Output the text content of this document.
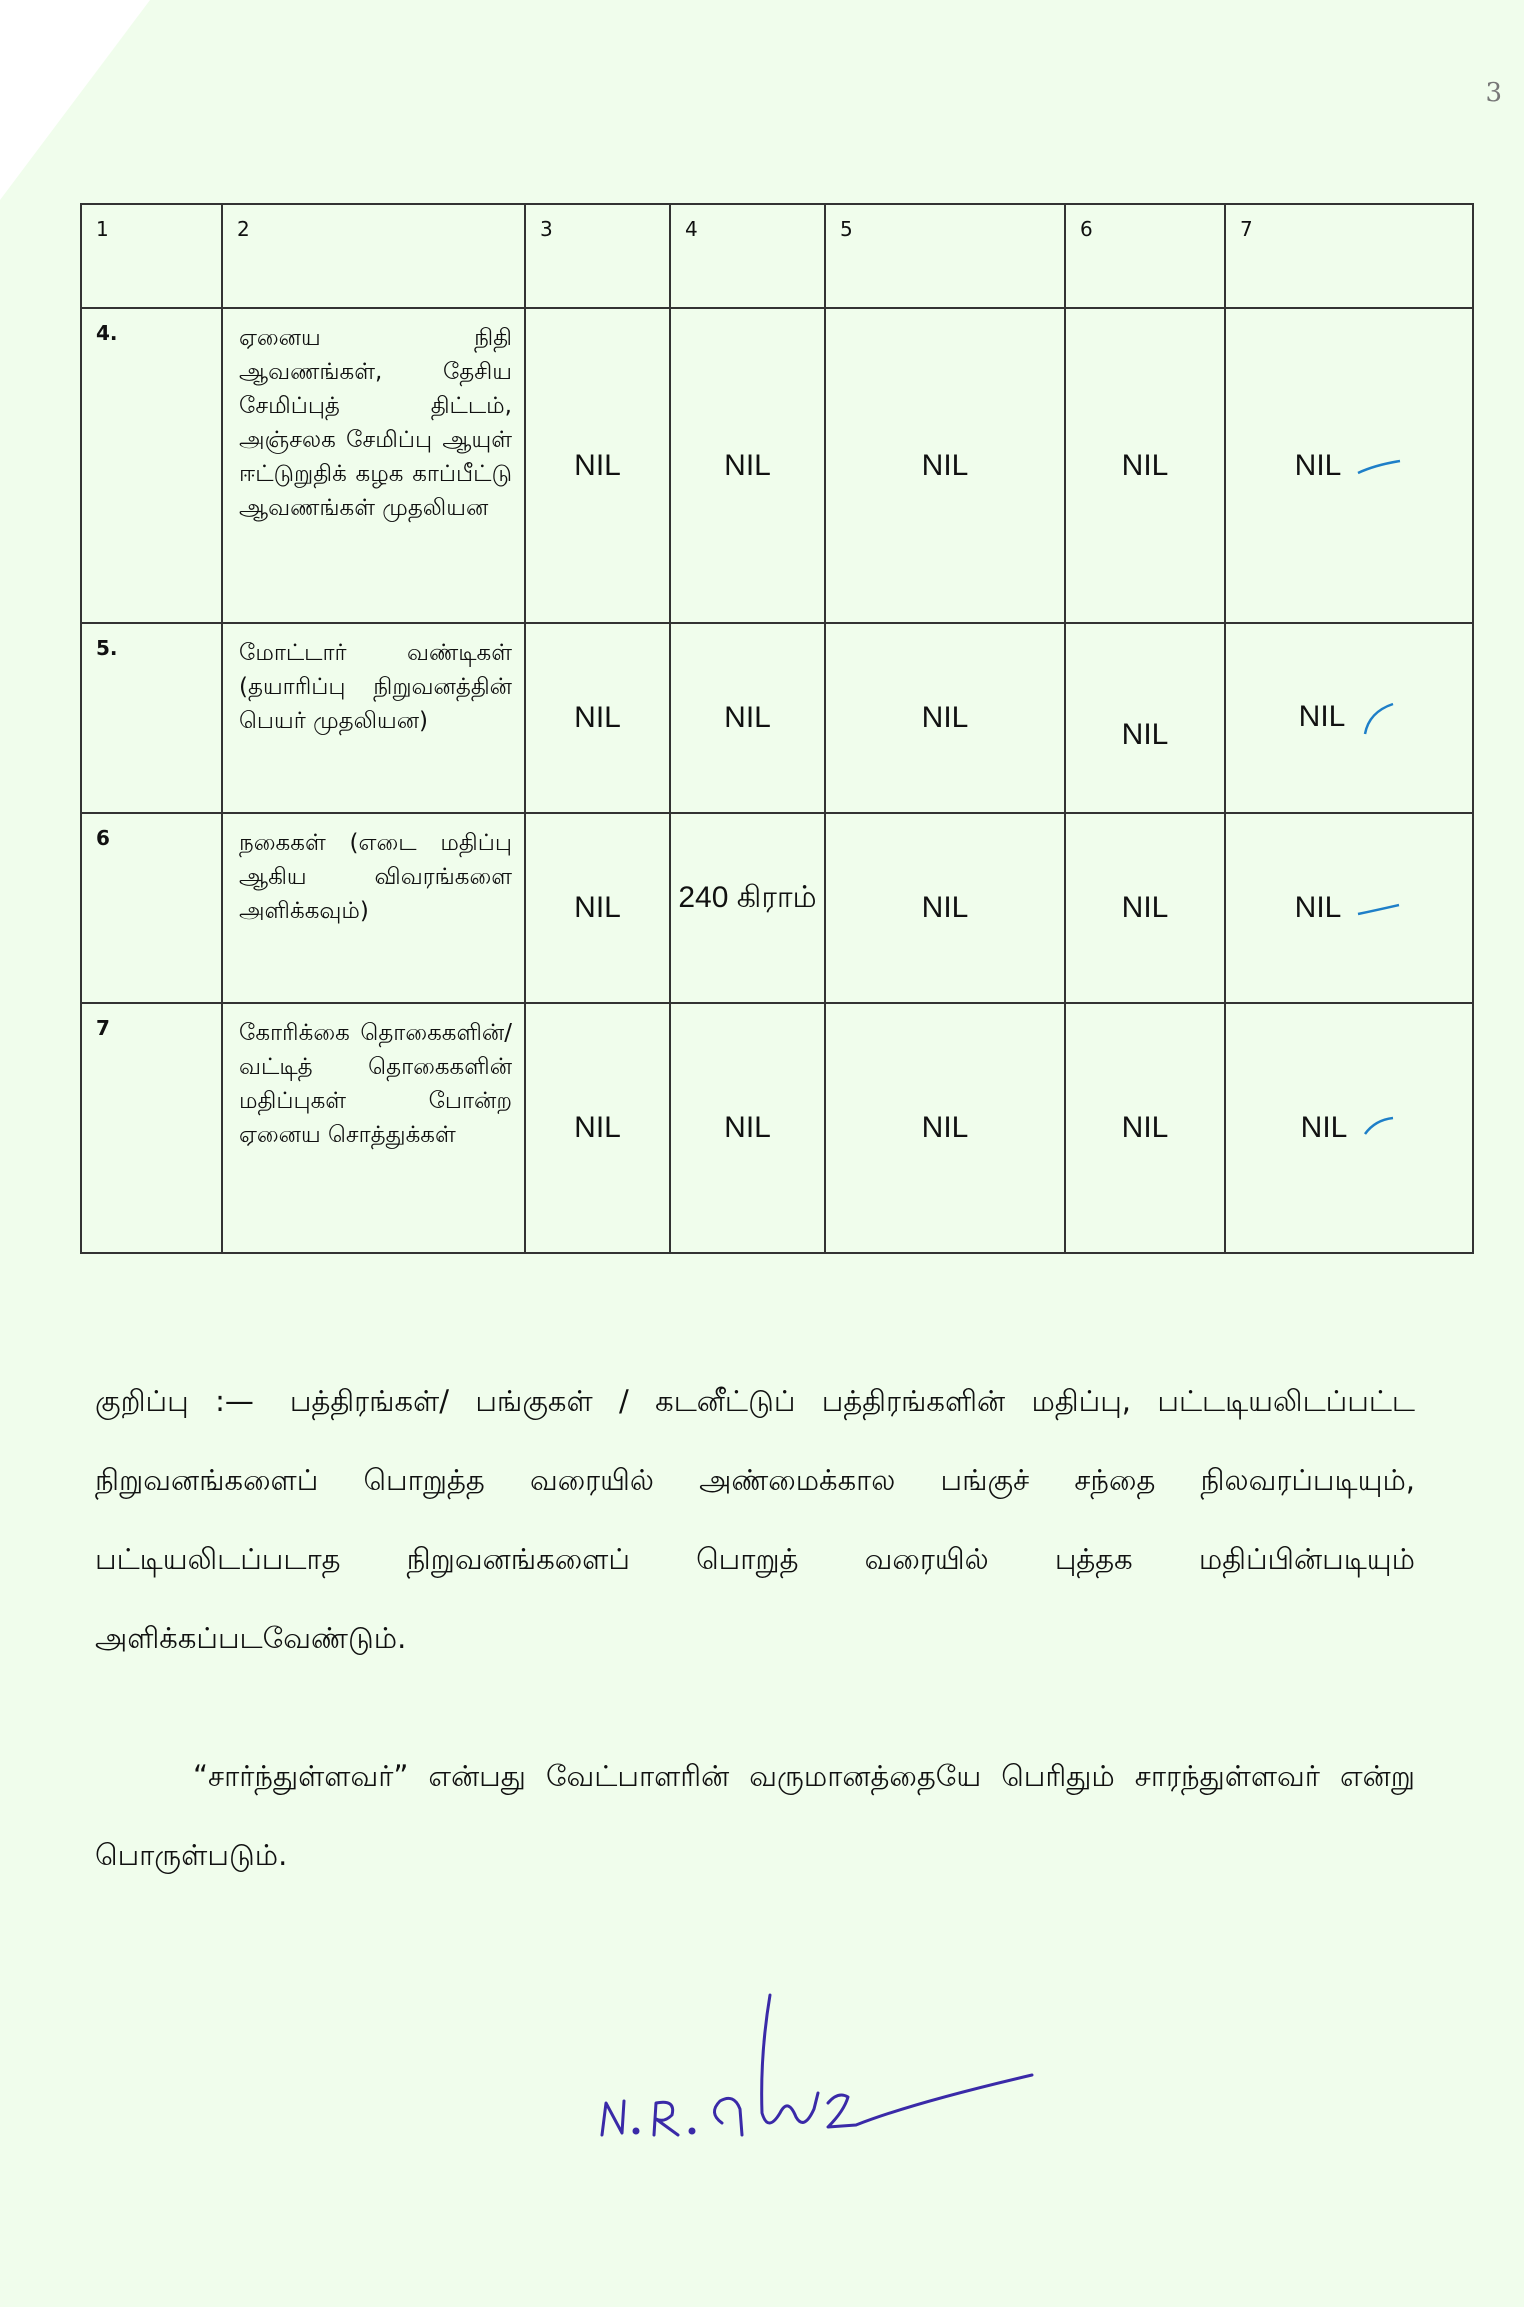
3
1	2	3	4	5	6	7
4.	ஏனைய நிதி ஆவணங்கள், தேசிய சேமிப்புத் திட்டம், அஞ்சலக சேமிப்பு ஆயுள் ஈட்டுறுதிக் கழக காப்பீட்டு ஆவணங்கள் முதலியன	NIL	NIL	NIL	NIL	NIL
5.	மோட்டார் வண்டிகள் (தயாரிப்பு நிறுவனத்தின் பெயர் முதலியன)	NIL	NIL	NIL	NIL	NIL
6	நகைகள் (எடை மதிப்பு ஆகிய விவரங்களை அளிக்கவும்)	NIL	240 கிராம்	NIL	NIL	NIL
7	கோரிக்கை தொகைகளின்/ வட்டித் தொகைகளின் மதிப்புகள் போன்ற ஏனைய சொத்துக்கள்	NIL	NIL	NIL	NIL	NIL
குறிப்பு :— பத்திரங்கள்/ பங்குகள் / கடனீட்டுப் பத்திரங்களின் மதிப்பு, பட்டடியலிடப்பட்ட நிறுவனங்களைப் பொறுத்த வரையில் அண்மைக்கால பங்குச் சந்தை நிலவரப்படியும், பட்டியலிடப்படாத நிறுவனங்களைப் பொறுத் வரையில் புத்தக மதிப்பின்படியும் அளிக்கப்படவேண்டும்.
“சார்ந்துள்ளவர்” என்பது வேட்பாளரின் வருமானத்தையே பெரிதும் சாரந்துள்ளவர் என்று பொருள்படும்.
